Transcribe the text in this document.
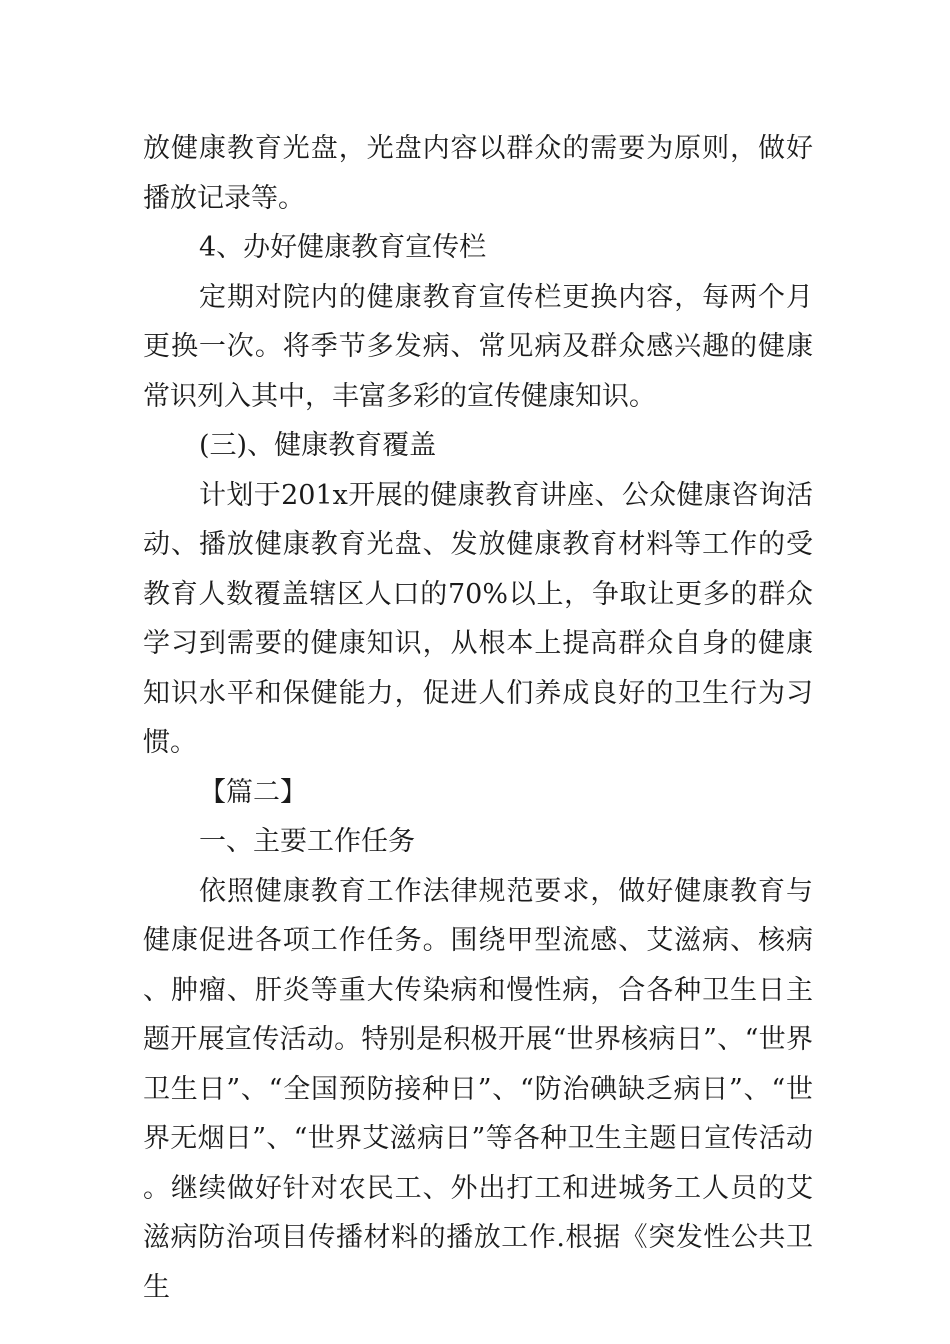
放健康教育光盘，光盘内容以群众的需要为原则，做好播放记录等。

4、办好健康教育宣传栏

定期对院内的健康教育宣传栏更换内容，每两个月更换一次。将季节多发病、常见病及群众感兴趣的健康常识列入其中，丰富多彩的宣传健康知识。

(三)、健康教育覆盖

计划于201x开展的健康教育讲座、公众健康咨询活动、播放健康教育光盘、发放健康教育材料等工作的受教育人数覆盖辖区人口的70%以上，争取让更多的群众学习到需要的健康知识，从根本上提高群众自身的健康知识水平和保健能力，促进人们养成良好的卫生行为习惯。

【篇二】

一、主要工作任务

依照健康教育工作法律规范要求，做好健康教育与健康促进各项工作任务。围绕甲型流感、艾滋病、核病、肿瘤、肝炎等重大传染病和慢性病，合各种卫生日主题开展宣传活动。特别是积极开展“世界核病日”、“世界卫生日”、“全国预防接种日”、“防治碘缺乏病日”、“世界无烟日”、“世界艾滋病日”等各种卫生主题日宣传活动。继续做好针对农民工、外出打工和进城务工人员的艾滋病防治项目传播材料的播放工作.根据《突发性公共卫生
